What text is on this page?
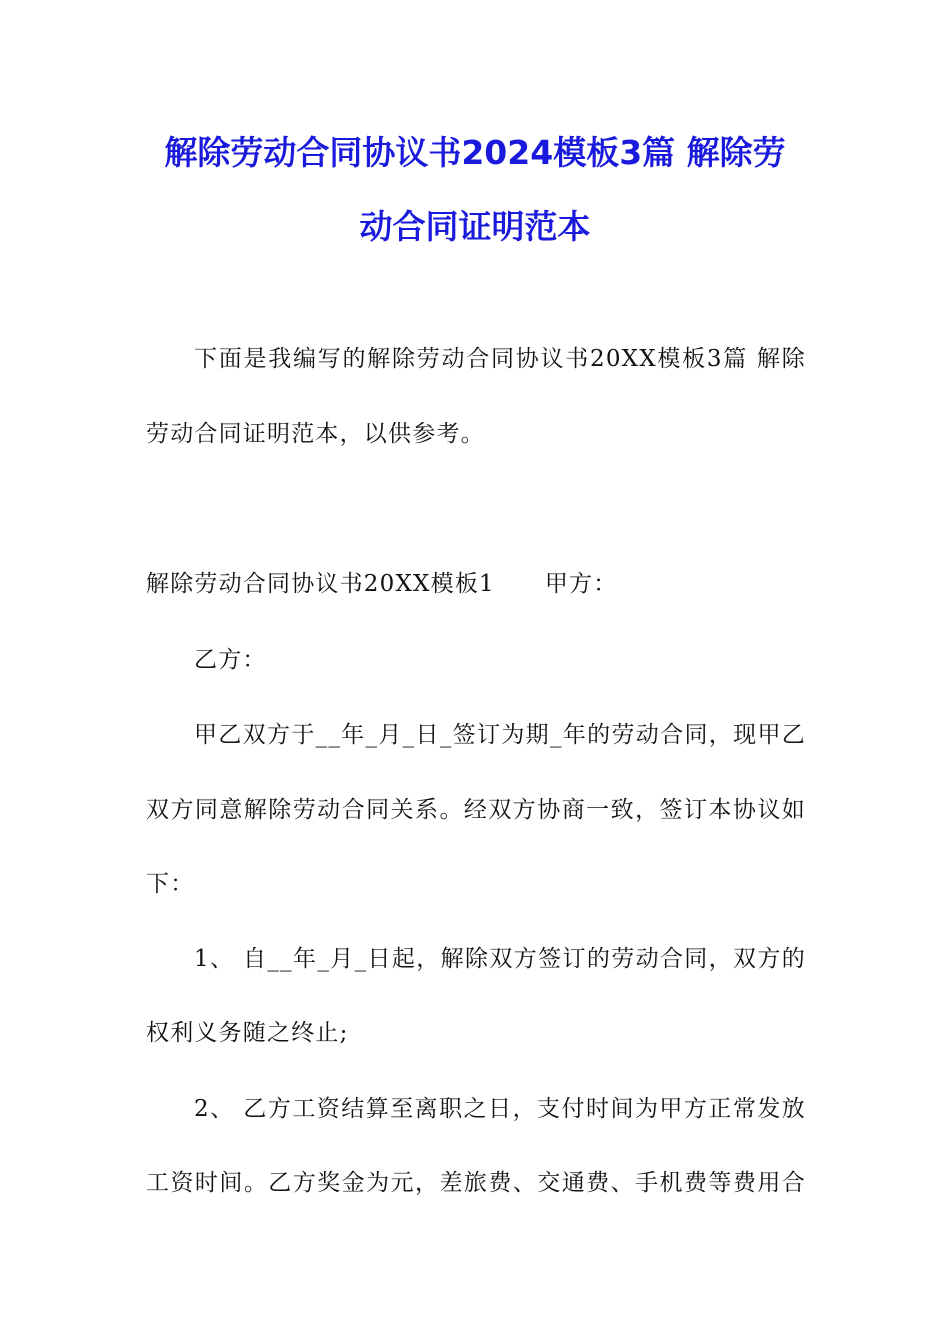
解除劳动合同协议书2024模板3篇 解除劳
动合同证明范本
下面是我编写的解除劳动合同协议书20XX模板3篇 解除
劳动合同证明范本，以供参考。
解除劳动合同协议书20XX模板1 甲方：
乙方：
甲乙双方于__年_月_日_签订为期_年的劳动合同，现甲乙
双方同意解除劳动合同关系。经双方协商一致，签订本协议如
下：
1、 自__年_月_日起，解除双方签订的劳动合同，双方的
权利义务随之终止;
2、 乙方工资结算至离职之日，支付时间为甲方正常发放
工资时间。乙方奖金为元，差旅费、交通费、手机费等费用合
